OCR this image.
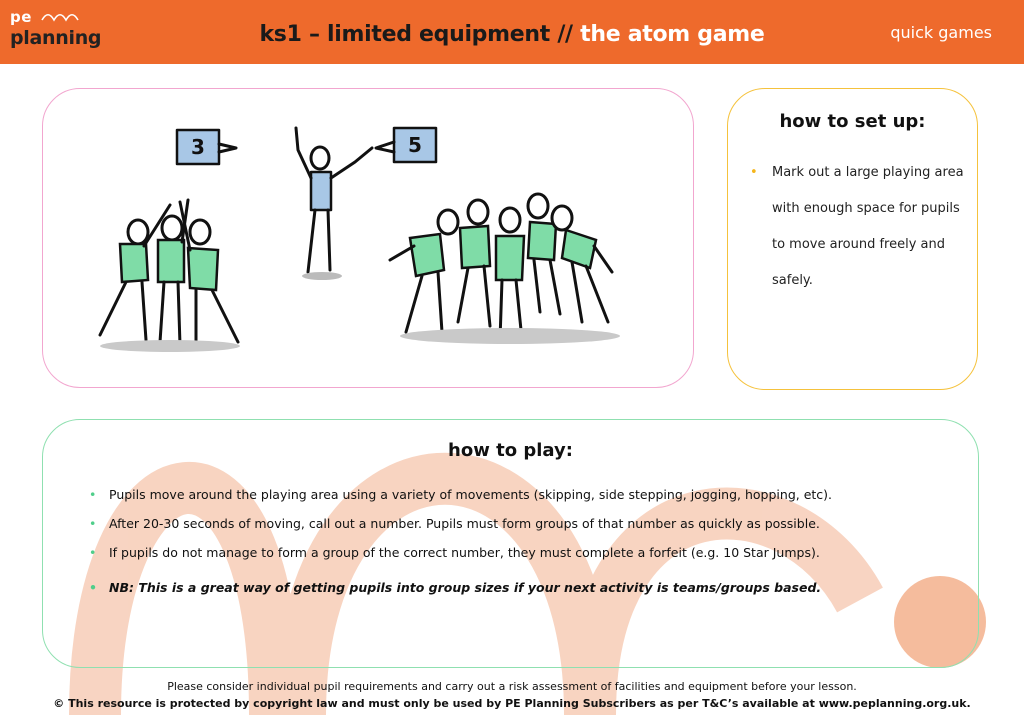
pe
planning	ks1 – limited equipment // the atom game	quick games
3	5
how to set up:
• Mark out a large playing area with enough space for pupils to move around freely and safely.
how to play:
• Pupils move around the playing area using a variety of movements (skipping, side stepping, jogging, hopping, etc).
• After 20-30 seconds of moving, call out a number. Pupils must form groups of that number as quickly as possible.
• If pupils do not manage to form a group of the correct number, they must complete a forfeit (e.g. 10 Star Jumps).
• NB: This is a great way of getting pupils into group sizes if your next activity is teams/groups based.
Please consider individual pupil requirements and carry out a risk assessment of facilities and equipment before your lesson.
© This resource is protected by copyright law and must only be used by PE Planning Subscribers as per T&C’s available at www.peplanning.org.uk.
